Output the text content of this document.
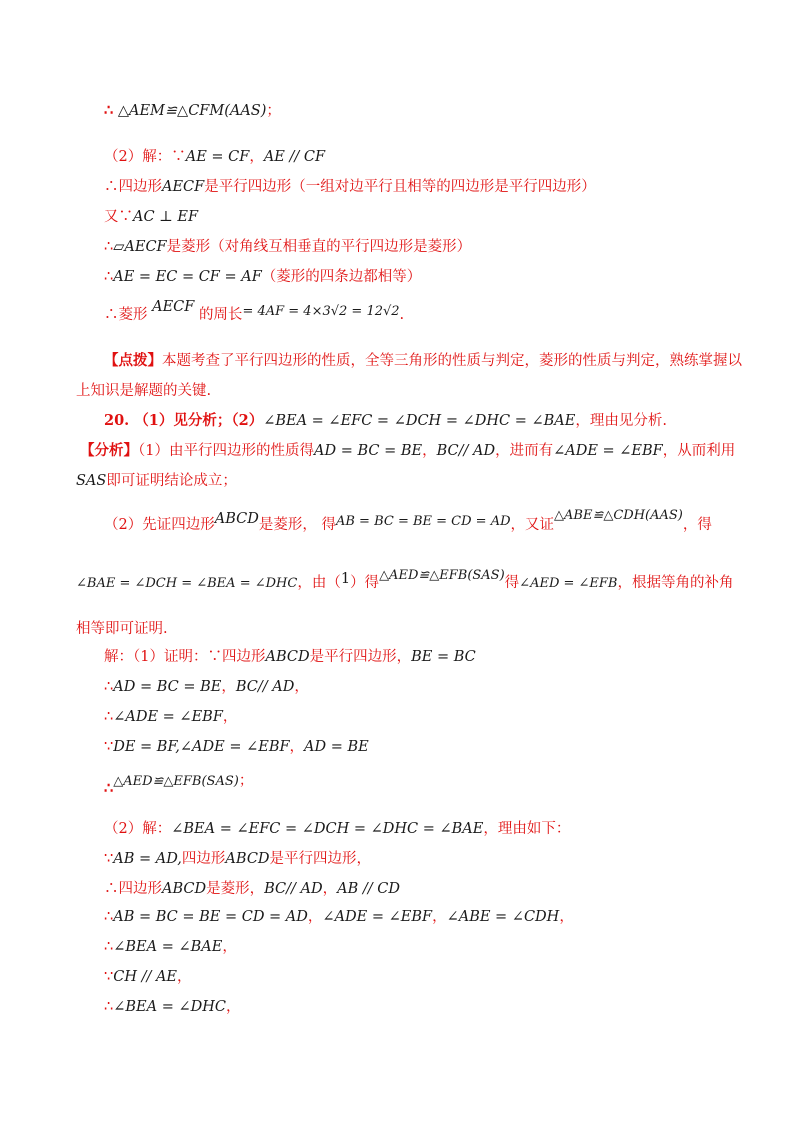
∴ △AEM≌△CFM(AAS)；
（2）解：∵AE = CF，AE // CF
∴四边形AECF是平行四边形（一组对边平行且相等的四边形是平行四边形）
又∵AC ⊥ EF
∴▱AECF是菱形（对角线互相垂直的平行四边形是菱形）
∴AE = EC = CF = AF（菱形的四条边都相等）
∴菱形 AECF 的周长= 4AF = 4×3√2 = 12√2.
【点拨】本题考查了平行四边形的性质，全等三角形的性质与判定，菱形的性质与判定，熟练掌握以
上知识是解题的关键.
20. （1）见分析；（2）∠BEA = ∠EFC = ∠DCH = ∠DHC = ∠BAE，理由见分析.
【分析】（1）由平行四边形的性质得AD = BC = BE，BC// AD，进而有∠ADE = ∠EBF，从而利用
SAS即可证明结论成立；
（2）先证四边形ABCD是菱形， 得AB = BC = BE = CD = AD，又证△ABE≌△CDH(AAS)，得
∠BAE = ∠DCH = ∠BEA = ∠DHC，由（1）得△AED≌△EFB(SAS)得∠AED = ∠EFB，根据等角的补角
相等即可证明.
解：（1）证明：∵四边形ABCD是平行四边形，BE = BC
∴AD = BC = BE，BC// AD，
∴∠ADE = ∠EBF，
∵DE = BF,∠ADE = ∠EBF，AD = BE
∴△AED≌△EFB(SAS)；
（2）解：∠BEA = ∠EFC = ∠DCH = ∠DHC = ∠BAE，理由如下：
∵AB = AD,四边形ABCD是平行四边形，
∴四边形ABCD是菱形，BC// AD，AB // CD
∴AB = BC = BE = CD = AD，∠ADE = ∠EBF，∠ABE = ∠CDH，
∴∠BEA = ∠BAE，
∵CH // AE，
∴∠BEA = ∠DHC，
